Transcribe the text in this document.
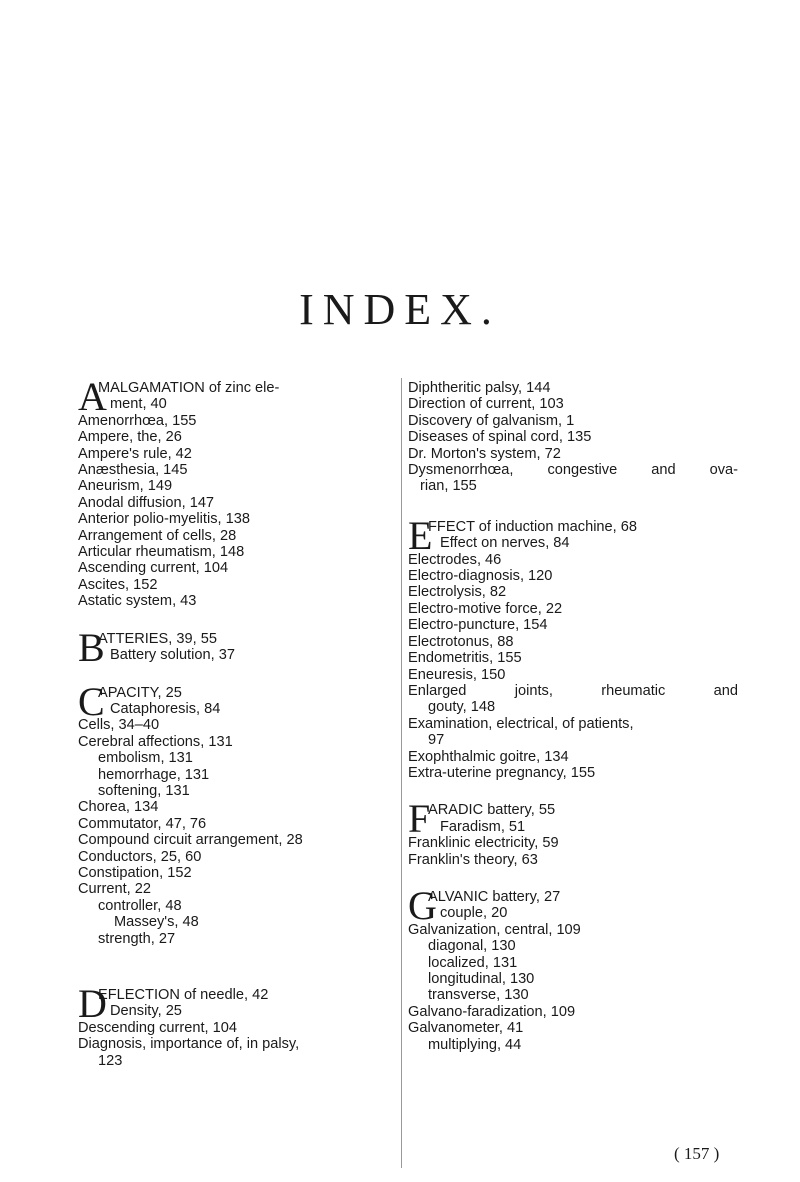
INDEX.
A
MALGAMATION of zinc ele-
ment, 40
Amenorrhœa, 155
Ampere, the, 26
Ampere's rule, 42
Anæsthesia, 145
Aneurism, 149
Anodal diffusion, 147
Anterior polio-myelitis, 138
Arrangement of cells, 28
Articular rheumatism, 148
Ascending current, 104
Ascites, 152
Astatic system, 43
B
ATTERIES, 39, 55
Battery solution, 37
C
APACITY, 25
Cataphoresis, 84
Cells, 34–40
Cerebral affections, 131
embolism, 131
hemorrhage, 131
softening, 131
Chorea, 134
Commutator, 47, 76
Compound circuit arrangement, 28
Conductors, 25, 60
Constipation, 152
Current, 22
controller, 48
Massey's, 48
strength, 27
D
EFLECTION of needle, 42
Density, 25
Descending current, 104
Diagnosis, importance of, in palsy,
123
Diphtheritic palsy, 144
Direction of current, 103
Discovery of galvanism, 1
Diseases of spinal cord, 135
Dr. Morton's system, 72
Dysmenorrhœa, congestive and ova-
rian, 155
E
FFECT of induction machine, 68
Effect on nerves, 84
Electrodes, 46
Electro-diagnosis, 120
Electrolysis, 82
Electro-motive force, 22
Electro-puncture, 154
Electrotonus, 88
Endometritis, 155
Eneuresis, 150
Enlarged joints, rheumatic and
gouty, 148
Examination, electrical, of patients,
97
Exophthalmic goitre, 134
Extra-uterine pregnancy, 155
F
ARADIC battery, 55
Faradism, 51
Franklinic electricity, 59
Franklin's theory, 63
G
ALVANIC battery, 27
couple, 20
Galvanization, central, 109
diagonal, 130
localized, 131
longitudinal, 130
transverse, 130
Galvano-faradization, 109
Galvanometer, 41
multiplying, 44
( 157 )
